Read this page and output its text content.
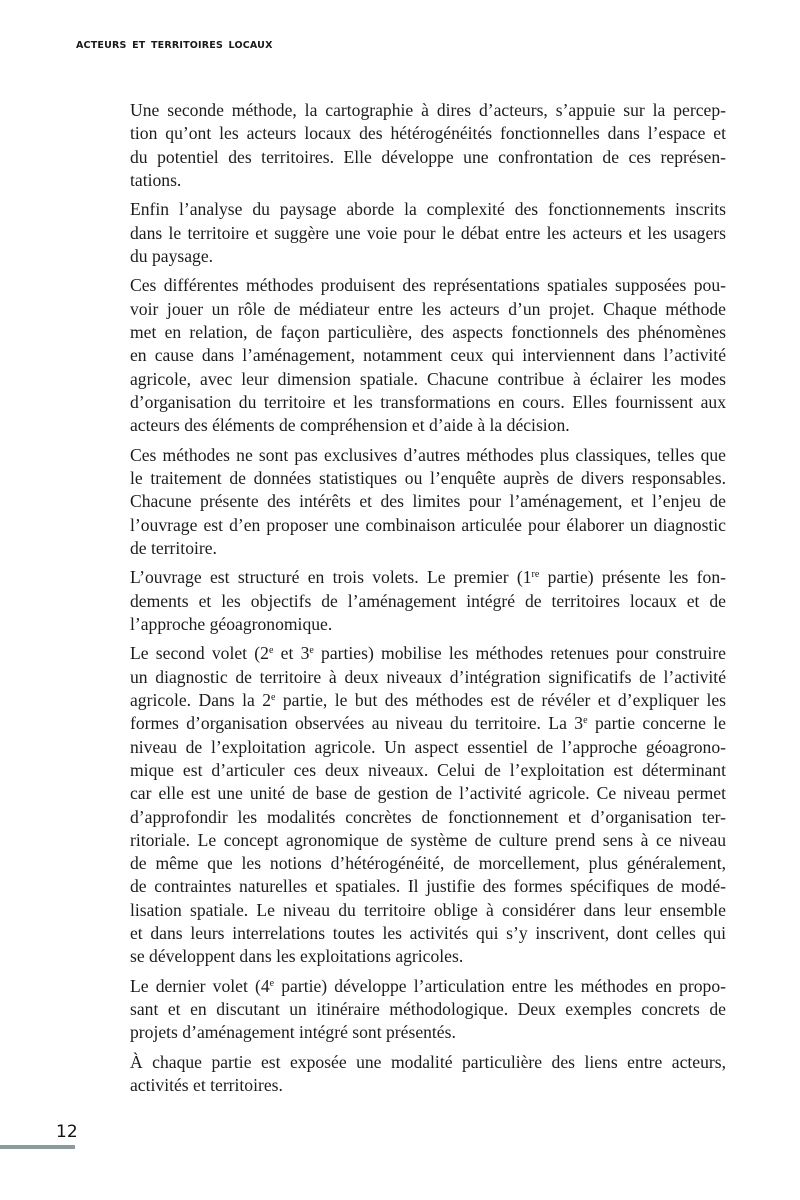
ACTEURS ET TERRITOIRES LOCAUX
Une seconde méthode, la cartographie à dires d’acteurs, s’appuie sur la percep-
tion qu’ont les acteurs locaux des hétérogénéités fonctionnelles dans l’espace et
du potentiel des territoires. Elle développe une confrontation de ces représen-
tations.
Enfin l’analyse du paysage aborde la complexité des fonctionnements inscrits
dans le territoire et suggère une voie pour le débat entre les acteurs et les usagers
du paysage.
Ces différentes méthodes produisent des représentations spatiales supposées pou-
voir jouer un rôle de médiateur entre les acteurs d’un projet. Chaque méthode
met en relation, de façon particulière, des aspects fonctionnels des phénomènes
en cause dans l’aménagement, notamment ceux qui interviennent dans l’activité
agricole, avec leur dimension spatiale. Chacune contribue à éclairer les modes
d’organisation du territoire et les transformations en cours. Elles fournissent aux
acteurs des éléments de compréhension et d’aide à la décision.
Ces méthodes ne sont pas exclusives d’autres méthodes plus classiques, telles que
le traitement de données statistiques ou l’enquête auprès de divers responsables.
Chacune présente des intérêts et des limites pour l’aménagement, et l’enjeu de
l’ouvrage est d’en proposer une combinaison articulée pour élaborer un diagnostic
de territoire.
L’ouvrage est structuré en trois volets. Le premier (1re partie) présente les fon-
dements et les objectifs de l’aménagement intégré de territoires locaux et de
l’approche géoagronomique.
Le second volet (2e et 3e parties) mobilise les méthodes retenues pour construire
un diagnostic de territoire à deux niveaux d’intégration significatifs de l’activité
agricole. Dans la 2e partie, le but des méthodes est de révéler et d’expliquer les
formes d’organisation observées au niveau du territoire. La 3e partie concerne le
niveau de l’exploitation agricole. Un aspect essentiel de l’approche géoagrono-
mique est d’articuler ces deux niveaux. Celui de l’exploitation est déterminant
car elle est une unité de base de gestion de l’activité agricole. Ce niveau permet
d’approfondir les modalités concrètes de fonctionnement et d’organisation ter-
ritoriale. Le concept agronomique de système de culture prend sens à ce niveau
de même que les notions d’hétérogénéité, de morcellement, plus généralement,
de contraintes naturelles et spatiales. Il justifie des formes spécifiques de modé-
lisation spatiale. Le niveau du territoire oblige à considérer dans leur ensemble
et dans leurs interrelations toutes les activités qui s’y inscrivent, dont celles qui
se développent dans les exploitations agricoles.
Le dernier volet (4e partie) développe l’articulation entre les méthodes en propo-
sant et en discutant un itinéraire méthodologique. Deux exemples concrets de
projets d’aménagement intégré sont présentés.
À chaque partie est exposée une modalité particulière des liens entre acteurs,
activités et territoires.
12
